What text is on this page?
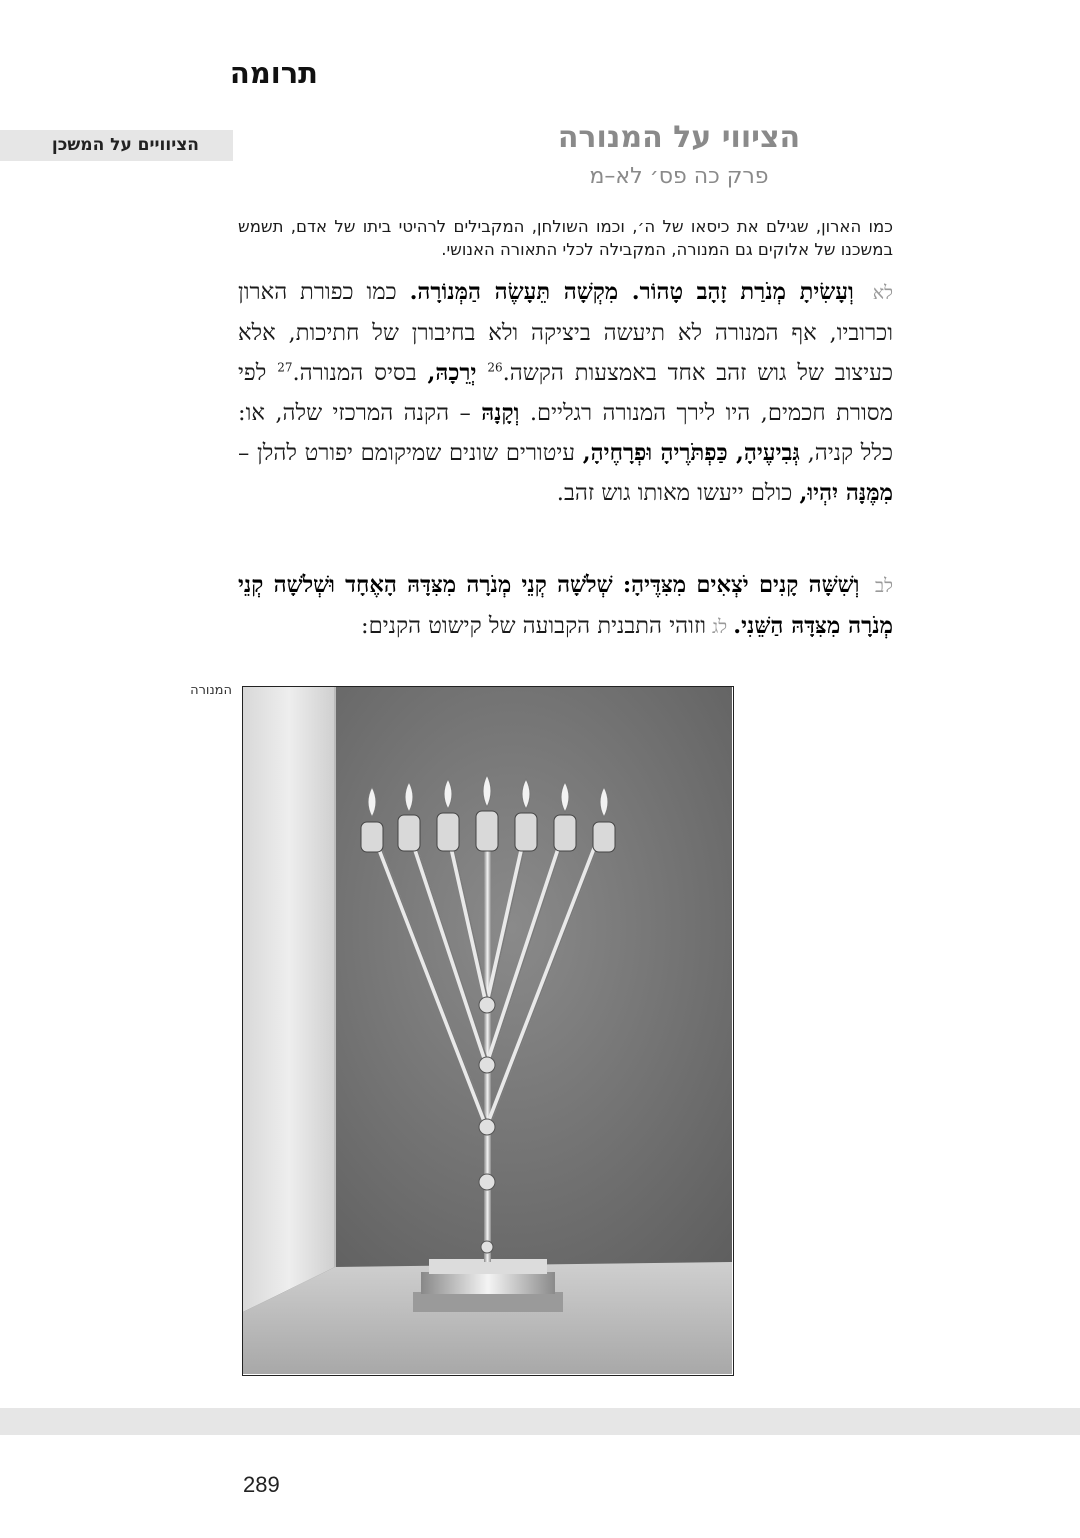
תרומה
הציוויים על המשכן	הציווי על המנורה
פרק כה פס׳ לא–מ
כמו הארון, שגילם את כיסאו של ה׳, וכמו השולחן, המקבילים לרהיטי ביתו של אדם, תשמש במשכנו של אלוקים גם המנורה, המקבילה לכלי התאורה האנושי.
לא וְעָשִׂיתָ מְנֹרַת זָהָב טָהוֹר. מִקְשָׁה תֵּעָשֶׂה הַמְּנוֹרָה. כמו כפורת הארון וכרוביו, אף המנורה לא תיעשה ביציקה ולא בחיבורן של חתיכות, אלא כעיצוב של גוש זהב אחד באמצעות הקשה.$^{26}$ יְרֵכָהּ, בסיס המנורה.$^{27}$ לפי מסורת חכמים, היו לירך המנורה רגליים. וְקָנָהּ – הקנה המרכזי שלה, או: כלל קניה, גְּבִיעֶיהָ, כַּפְתֹּרֶיהָ וּפְרָחֶיהָ, עיטורים שונים שמיקומם יפורט להלן – מִמֶּנָּה יִהְיוּ, כולם ייעשו מאותו גוש זהב.
לב וְשִׁשָּׁה קָנִים יֹצְאִים מִצִּדֶּיהָ: שְׁלֹשָׁה קְנֵי מְנֹרָה מִצִּדָּהּ הָאֶחָד וּשְׁלֹשָׁה קְנֵי מְנֹרָה מִצִּדָּהּ הַשֵּׁנִי.לגוזוהי התבנית הקבועה של קישוט הקנים:
המנורה
289
